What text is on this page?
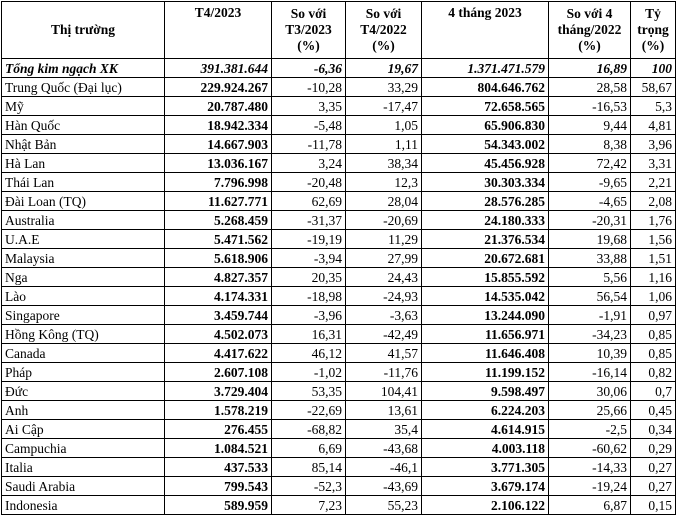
Thị trường	T4/2023	So với T3/2023 (%)	So với T4/2022 (%)	4 tháng 2023	So với 4 tháng/2022 (%)	Tỷ trọng (%)
Tổng kim ngạch XK	391.381.644	-6,36	19,67	1.371.471.579	16,89	100
Trung Quốc (Đại lục)	229.924.267	-10,28	33,29	804.646.762	28,58	58,67
Mỹ	20.787.480	3,35	-17,47	72.658.565	-16,53	5,3
Hàn Quốc	18.942.334	-5,48	1,05	65.906.830	9,44	4,81
Nhật Bản	14.667.903	-11,78	1,11	54.343.002	8,38	3,96
Hà Lan	13.036.167	3,24	38,34	45.456.928	72,42	3,31
Thái Lan	7.796.998	-20,48	12,3	30.303.334	-9,65	2,21
Đài Loan (TQ)	11.627.771	62,69	28,04	28.576.285	-4,65	2,08
Australia	5.268.459	-31,37	-20,69	24.180.333	-20,31	1,76
U.A.E	5.471.562	-19,19	11,29	21.376.534	19,68	1,56
Malaysia	5.618.906	-3,94	27,99	20.672.681	33,88	1,51
Nga	4.827.357	20,35	24,43	15.855.592	5,56	1,16
Lào	4.174.331	-18,98	-24,93	14.535.042	56,54	1,06
Singapore	3.459.744	-3,96	-3,63	13.244.090	-1,91	0,97
Hồng Kông (TQ)	4.502.073	16,31	-42,49	11.656.971	-34,23	0,85
Canada	4.417.622	46,12	41,57	11.646.408	10,39	0,85
Pháp	2.607.108	-1,02	-11,76	11.199.152	-16,14	0,82
Đức	3.729.404	53,35	104,41	9.598.497	30,06	0,7
Anh	1.578.219	-22,69	13,61	6.224.203	25,66	0,45
Ai Cập	276.455	-68,82	35,4	4.614.915	-2,5	0,34
Campuchia	1.084.521	6,69	-43,68	4.003.118	-60,62	0,29
Italia	437.533	85,14	-46,1	3.771.305	-14,33	0,27
Saudi Arabia	799.543	-52,3	-43,69	3.679.174	-19,24	0,27
Indonesia	589.959	7,23	55,23	2.106.122	6,87	0,15
